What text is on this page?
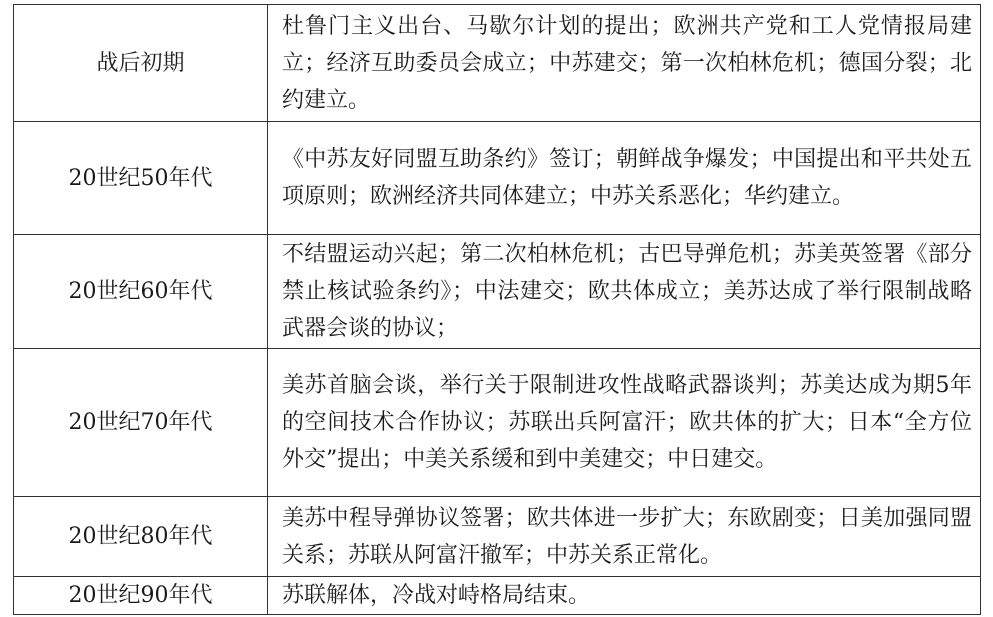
战后初期	杜鲁门主义出台、马歇尔计划的提出；欧洲共产党和工人党情报局建立；经济互助委员会成立；中苏建交；第一次柏林危机；德国分裂；北约建立。
20世纪50年代	《中苏友好同盟互助条约》签订；朝鲜战争爆发；中国提出和平共处五项原则；欧洲经济共同体建立；中苏关系恶化；华约建立。
20世纪60年代	不结盟运动兴起；第二次柏林危机；古巴导弹危机；苏美英签署《部分禁止核试验条约》；中法建交；欧共体成立；美苏达成了举行限制战略武器会谈的协议；
20世纪70年代	美苏首脑会谈，举行关于限制进攻性战略武器谈判；苏美达成为期5年的空间技术合作协议；苏联出兵阿富汗；欧共体的扩大；日本“全方位外交”提出；中美关系缓和到中美建交；中日建交。
20世纪80年代	美苏中程导弹协议签署；欧共体进一步扩大；东欧剧变；日美加强同盟关系；苏联从阿富汗撤军；中苏关系正常化。
20世纪90年代	苏联解体，冷战对峙格局结束。
